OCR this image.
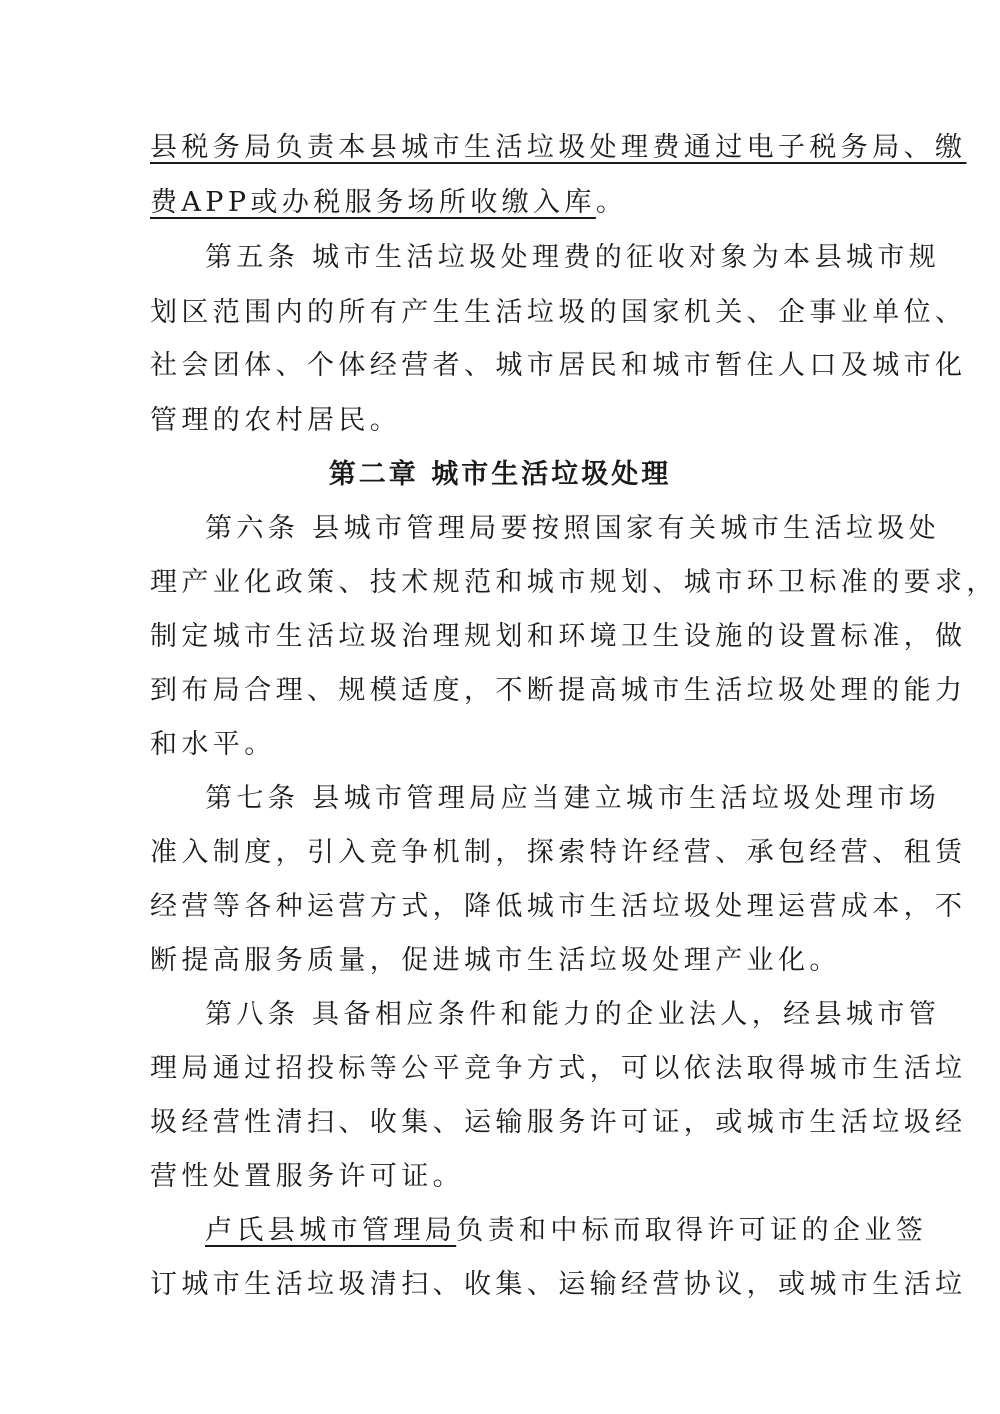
县税务局负责本县城市生活垃圾处理费通过电子税务局、缴
费APP或办税服务场所收缴入库。
第五条 城市生活垃圾处理费的征收对象为本县城市规
划区范围内的所有产生生活垃圾的国家机关、企事业单位、
社会团体、个体经营者、城市居民和城市暂住人口及城市化
管理的农村居民。
第二章 城市生活垃圾处理
第六条 县城市管理局要按照国家有关城市生活垃圾处
理产业化政策、技术规范和城市规划、城市环卫标准的要求，
制定城市生活垃圾治理规划和环境卫生设施的设置标准，做
到布局合理、规模适度，不断提高城市生活垃圾处理的能力
和水平。
第七条 县城市管理局应当建立城市生活垃圾处理市场
准入制度，引入竞争机制，探索特许经营、承包经营、租赁
经营等各种运营方式，降低城市生活垃圾处理运营成本，不
断提高服务质量，促进城市生活垃圾处理产业化。
第八条 具备相应条件和能力的企业法人，经县城市管
理局通过招投标等公平竞争方式，可以依法取得城市生活垃
圾经营性清扫、收集、运输服务许可证，或城市生活垃圾经
营性处置服务许可证。
卢氏县城市管理局负责和中标而取得许可证的企业签
订城市生活垃圾清扫、收集、运输经营协议，或城市生活垃
